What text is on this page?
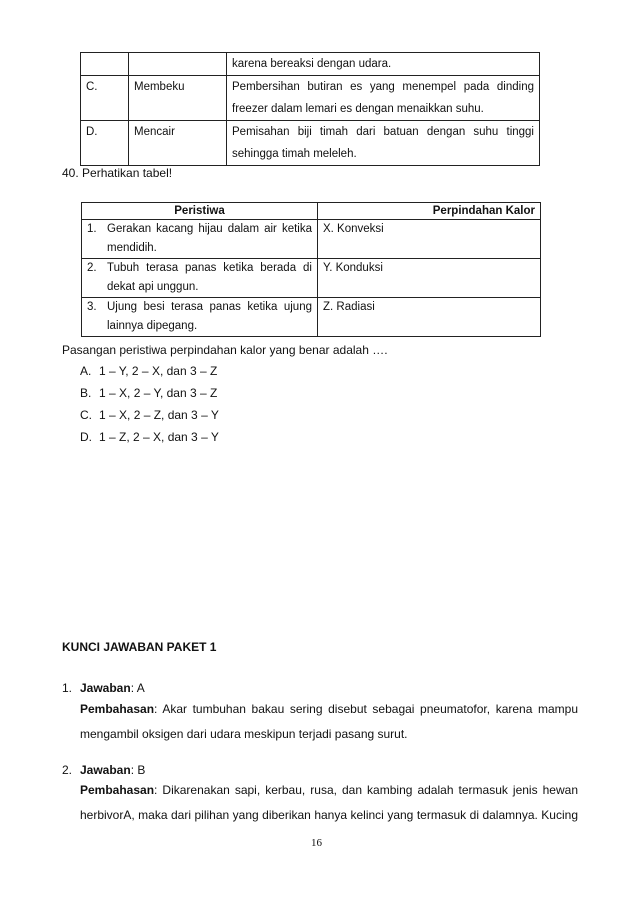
		karena bereaksi dengan udara.

C.	Membeku	Pembersihan butiran es yang menempel pada dinding
freezer dalam lemari es dengan menaikkan suhu.

D.	Mencair	Pemisahan biji timah dari batuan dengan suhu tinggi
sehingga timah meleleh.
40. Perhatikan tabel!
Peristiwa	Perpindahan Kalor

1. Gerakan kacang hijau dalam air ketika
mendidih.	X. Konveksi

2. Tubuh terasa panas ketika berada di
dekat api unggun.	Y. Konduksi

3. Ujung besi terasa panas ketika ujung
lainnya dipegang.	Z. Radiasi
Pasangan peristiwa perpindahan kalor yang benar adalah ….
A. 1 – Y, 2 – X, dan 3 – Z
B. 1 – X, 2 – Y, dan 3 – Z
C. 1 – X, 2 – Z, dan 3 – Y
D. 1 – Z, 2 – X, dan 3 – Y
KUNCI JAWABAN PAKET 1
1. Jawaban: A
Pembahasan: Akar tumbuhan bakau sering disebut sebagai pneumatofor, karena mampu mengambil oksigen dari udara meskipun terjadi pasang surut.
2. Jawaban: B
Pembahasan: Dikarenakan sapi, kerbau, rusa, dan kambing adalah termasuk jenis hewan herbivorA, maka dari pilihan yang diberikan hanya kelinci yang termasuk di dalamnya. Kucing
16
